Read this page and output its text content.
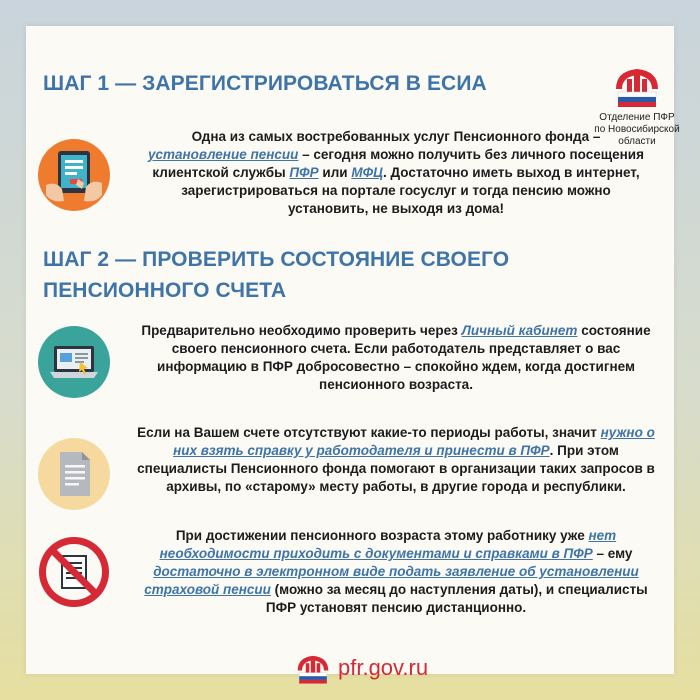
Отделение ПФР
по Новосибирской
области
ШАГ 1 — ЗАРЕГИСТРИРОВАТЬСЯ В ЕСИА

Одна из самых востребованных услуг Пенсионного фонда – установление пенсии – сегодня можно получить без личного посещения клиентской службы ПФР или МФЦ. Достаточно иметь выход в интернет, зарегистрироваться на портале госуслуг и тогда пенсию можно установить, не выходя из дома!

ШАГ 2 — ПРОВЕРИТЬ СОСТОЯНИЕ СВОЕГО
ПЕНСИОННОГО СЧЕТА

Предварительно необходимо проверить через Личный кабинет состояние своего пенсионного счета. Если работодатель представляет о вас информацию в ПФР добросовестно – спокойно ждем, когда достигнем пенсионного возраста.

Если на Вашем счете отсутствуют какие-то периоды работы, значит нужно о них взять справку у работодателя и принести в ПФР. При этом специалисты Пенсионного фонда помогают в организации таких запросов в архивы, по «старому» месту работы, в другие города и республики.

При достижении пенсионного возраста этому работнику уже нет необходимости приходить с документами и справками в ПФР – ему достаточно в электронном виде подать заявление об установлении страховой пенсии (можно за месяц до наступления даты), и специалисты ПФР установят пенсию дистанционно.

pfr.gov.ru
